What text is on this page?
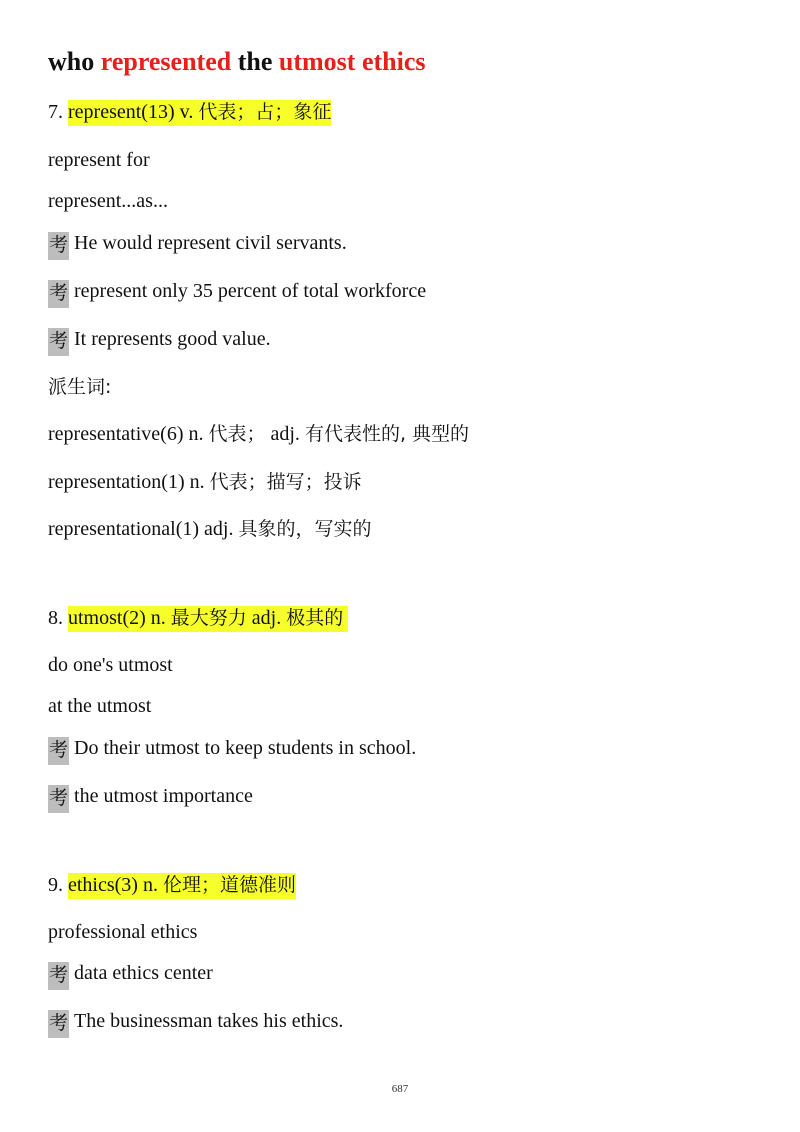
who represented the utmost ethics
7. represent(13) v. 代表；占；象征
represent for
represent...as...
考 He would represent civil servants.
考 represent only 35 percent of total workforce
考 It represents good value.
派生词:
representative(6) n. 代表； adj. 有代表性的, 典型的
representation(1) n. 代表；描写；投诉
representational(1) adj. 具象的，写实的
8. utmost(2) n. 最大努力 adj. 极其的
do one's utmost
at the utmost
考 Do their utmost to keep students in school.
考 the utmost importance
9. ethics(3) n. 伦理；道德准则
professional ethics
考 data ethics center
考 The businessman takes his ethics.
687
